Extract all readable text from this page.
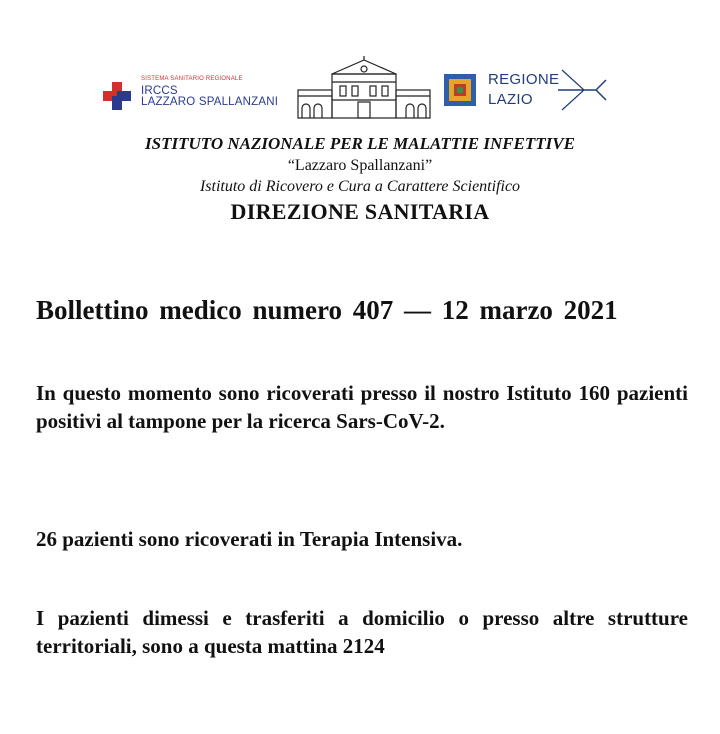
SISTEMA SANITARIO REGIONALE
IRCCS
LAZZARO SPALLANZANI
REGIONE
LAZIO

ISTITUTO NAZIONALE PER LE MALATTIE INFETTIVE

“Lazzaro Spallanzani”

Istituto di Ricovero e Cura a Carattere Scientifico

DIREZIONE SANITARIA

Bollettino medico numero 407 — 12 marzo 2021

In questo momento sono ricoverati presso il nostro Istituto 160 pazienti positivi al tampone per la ricerca Sars-CoV-2.

26 pazienti sono ricoverati in Terapia Intensiva.

I pazienti dimessi e trasferiti a domicilio o presso altre strutture territoriali, sono a questa mattina 2124
